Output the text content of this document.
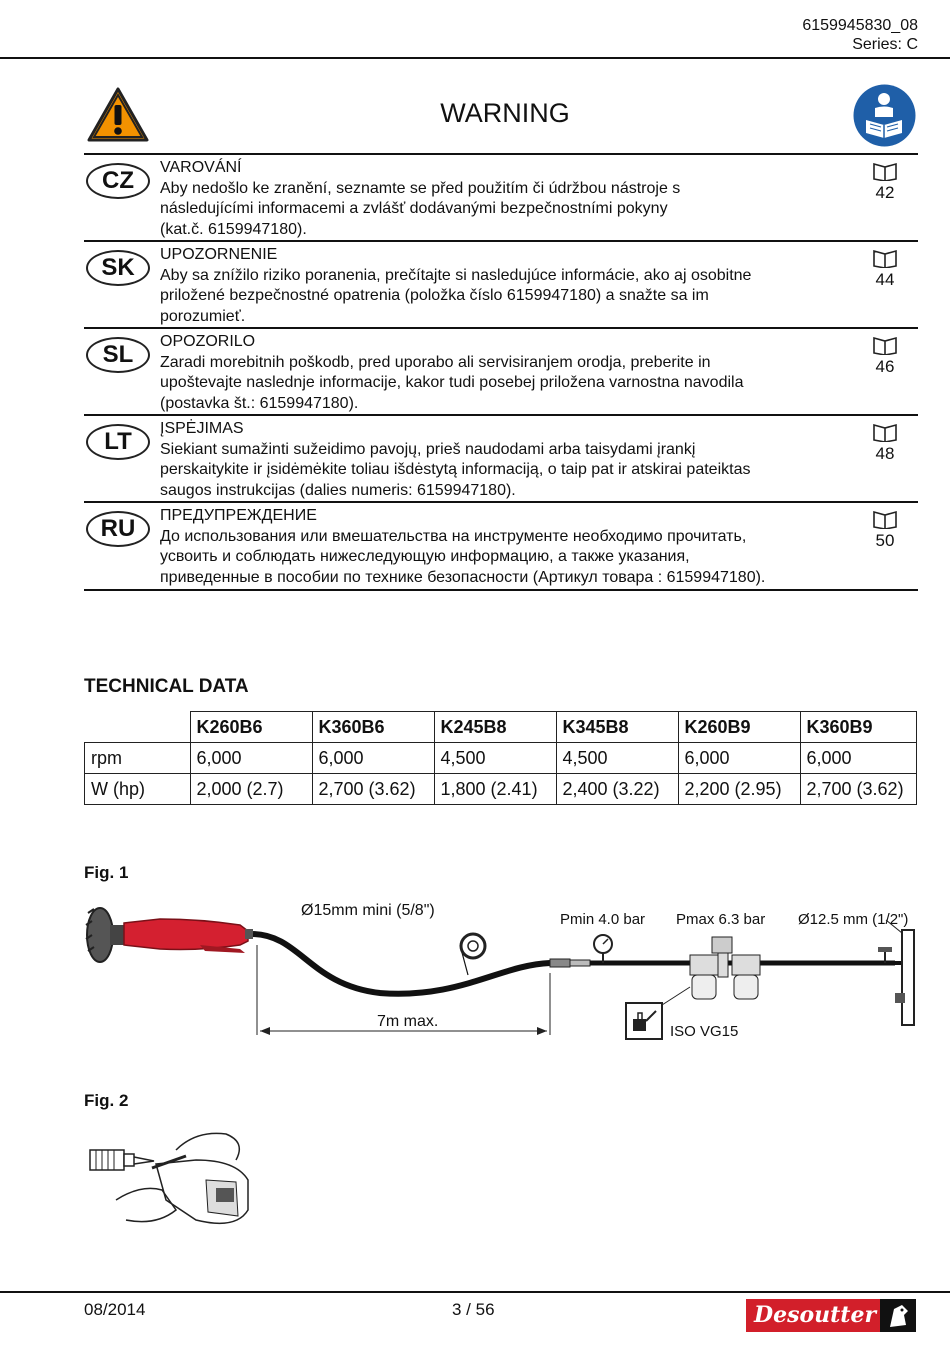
6159945830_08
Series: C
WARNING
CZ	VAROVÁNÍ
Aby nedošlo ke zranění, seznamte se před použitím či údržbou nástroje s
následujícími informacemi a zvlášť dodávanými bezpečnostními pokyny
(kat.č. 6159947180).
42
SK	UPOZORNENIE
Aby sa znížilo riziko poranenia, prečítajte si nasledujúce informácie, ako aj osobitne
priložené bezpečnostné opatrenia (položka číslo 6159947180) a snažte sa im
porozumieť.
44
SL	OPOZORILO
Zaradi morebitnih poškodb, pred uporabo ali servisiranjem orodja, preberite in
upoštevajte naslednje informacije, kakor tudi posebej priložena varnostna navodila
(postavka št.: 6159947180).
46
LT	ĮSPĖJIMAS
Siekiant sumažinti sužeidimo pavojų, prieš naudodami arba taisydami įrankį
perskaitykite ir įsidėmėkite toliau išdėstytą informaciją, o taip pat ir atskirai pateiktas
saugos instrukcijas (dalies numeris: 6159947180).
48
RU	ПРЕДУПРЕЖДЕНИЕ
До использования или вмешательства на инструменте необходимо прочитать,
усвоить и соблюдать нижеследующую информацию, а также указания,
приведенные в пособии по технике безопасности (Артикул товара : 6159947180).
50
TECHNICAL DATA
	K260B6	K360B6	K245B8	K345B8	K260B9	K360B9
rpm	6,000	6,000	4,500	4,500	6,000	6,000
W (hp)	2,000 (2.7)	2,700 (3.62)	1,800 (2.41)	2,400 (3.22)	2,200 (2.95)	2,700 (3.62)
Fig. 1
Ø15mm mini (5/8")
7m max.
Pmin 4.0 bar Pmax 6.3 bar Ø12.5 mm (1/2")
ISO VG15
Fig. 2
08/2014	3 / 56	Desoutter
